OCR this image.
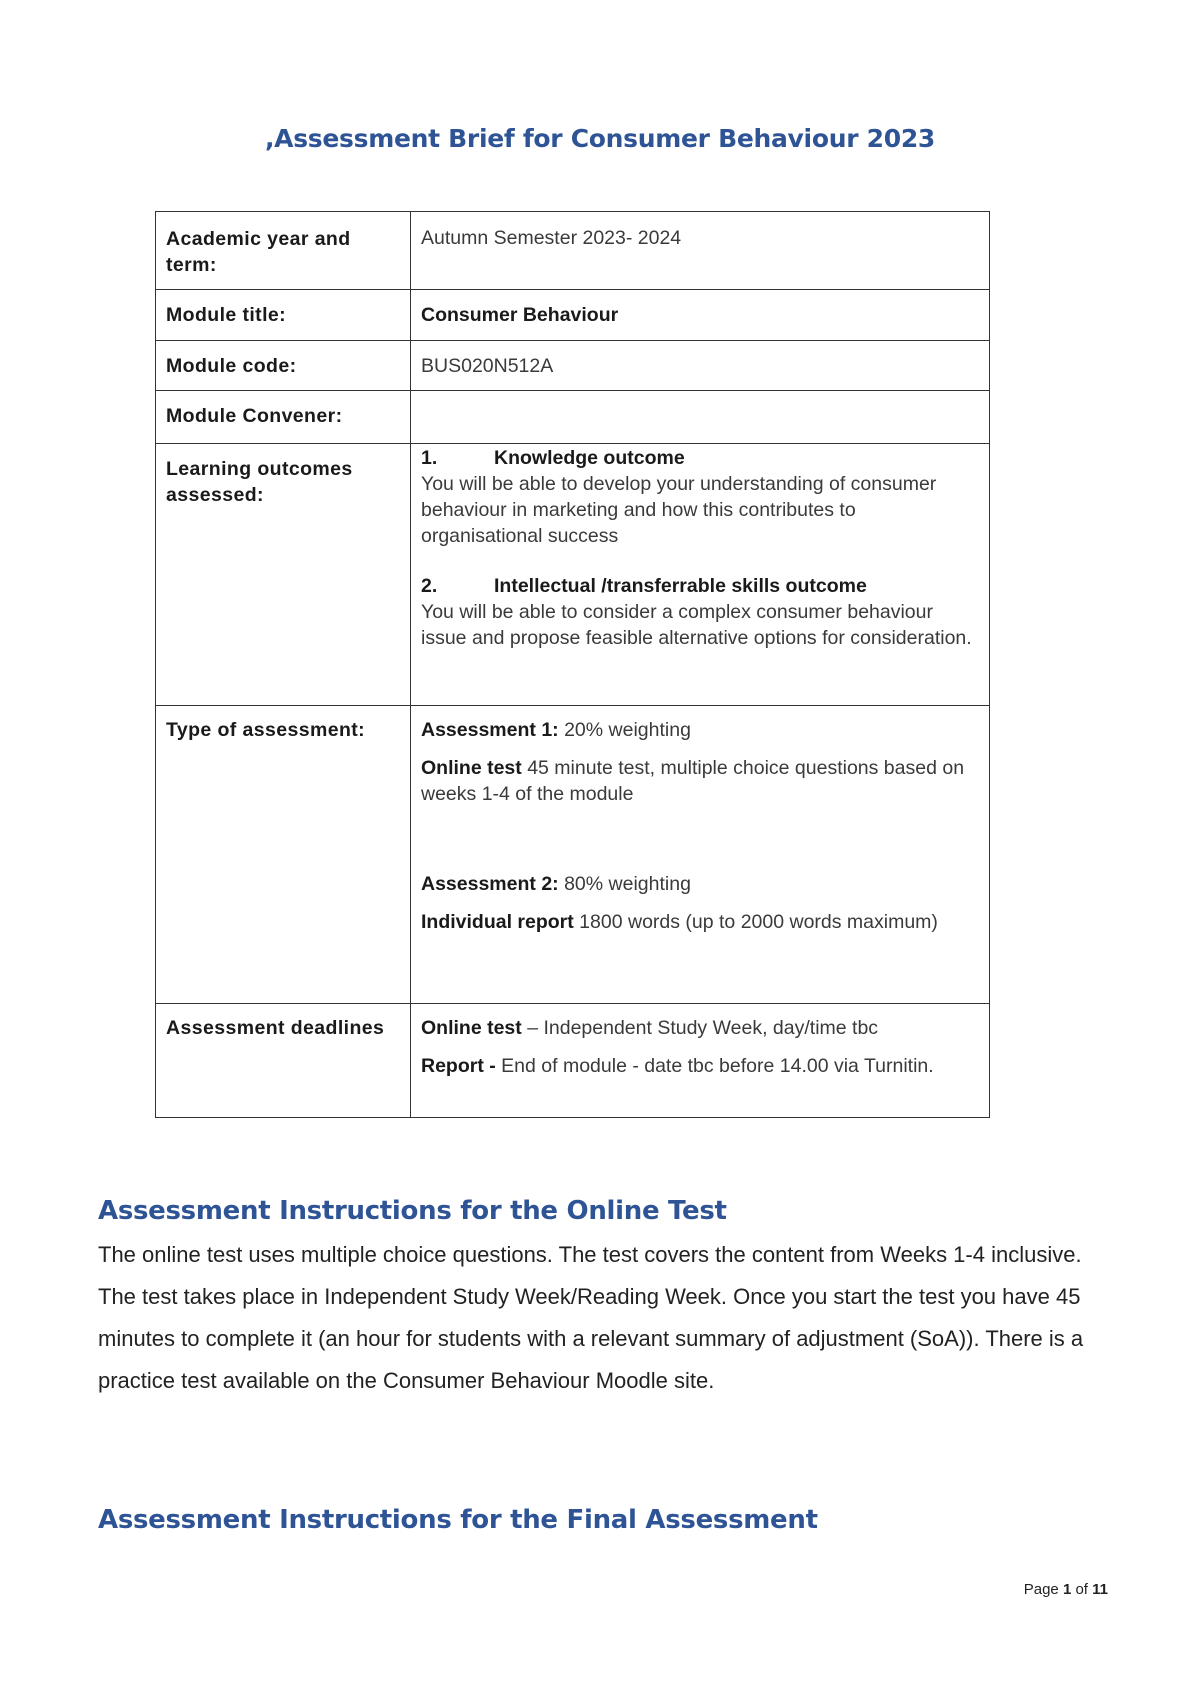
,Assessment Brief for Consumer Behaviour 2023
Academic year and term:	Autumn Semester 2023- 2024
Module title:	Consumer Behaviour
Module code:	BUS020N512A
Module Convener:	
Learning outcomes assessed:	1. Knowledge outcome
You will be able to develop your understanding of consumer behaviour in marketing and how this contributes to organisational success
2. Intellectual /transferrable skills outcome
You will be able to consider a complex consumer behaviour issue and propose feasible alternative options for consideration.

Type of assessment:	Assessment 1: 20% weighting
Online test 45 minute test, multiple choice questions based on weeks 1-4 of the module
Assessment 2: 80% weighting
Individual report 1800 words (up to 2000 words maximum)

Assessment deadlines	Online test – Independent Study Week, day/time tbc
Report - End of module - date tbc before 14.00 via Turnitin.
Assessment Instructions for the Online Test

The online test uses multiple choice questions. The test covers the content from Weeks 1-4 inclusive. The test takes place in Independent Study Week/Reading Week. Once you start the test you have 45 minutes to complete it (an hour for students with a relevant summary of adjustment (SoA)). There is a practice test available on the Consumer Behaviour Moodle site.

Assessment Instructions for the Final Assessment
Page 1 of 11
